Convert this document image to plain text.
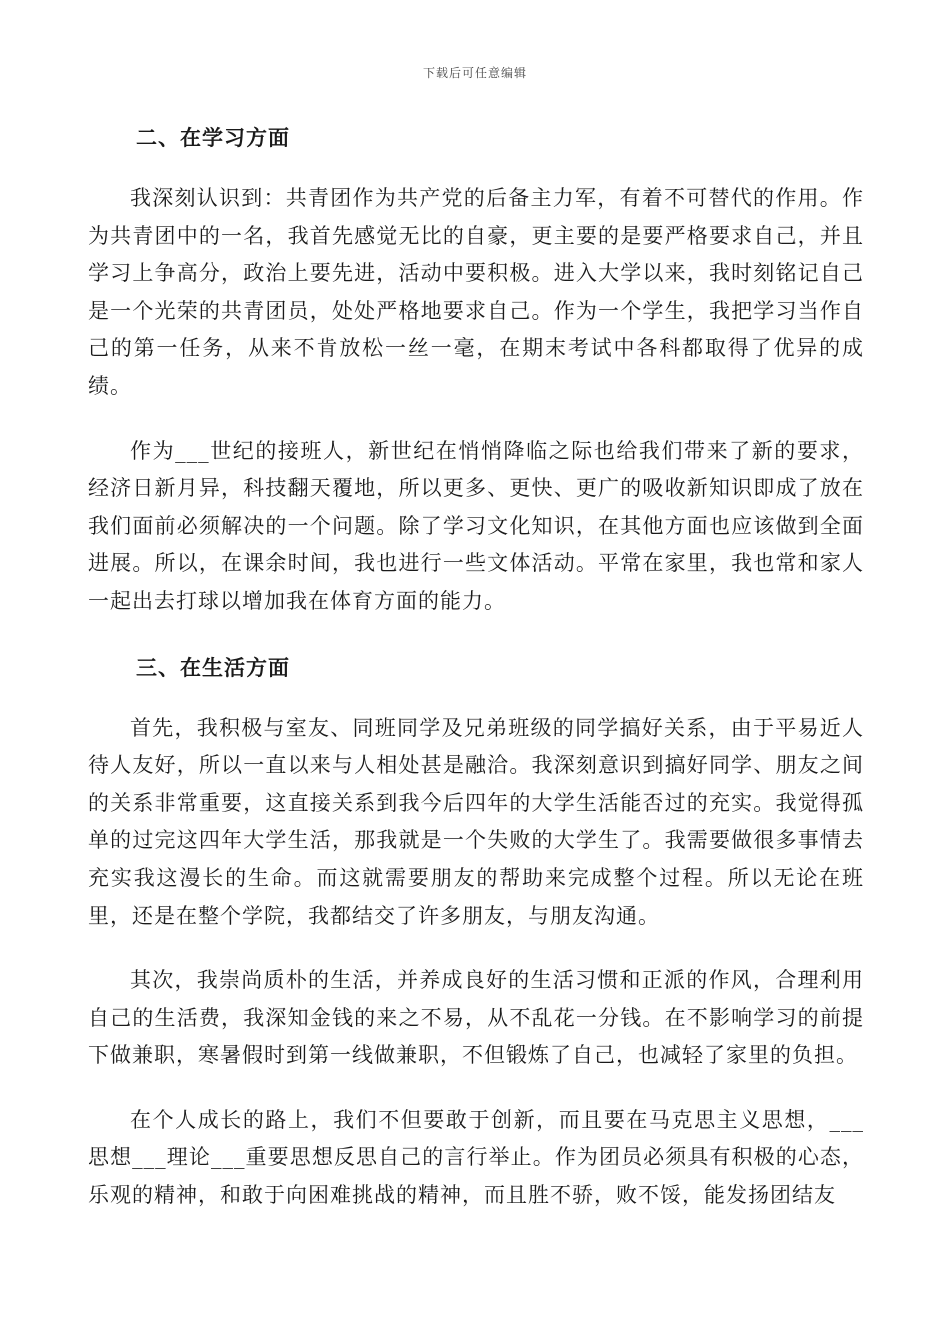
下载后可任意编辑
二、在学习方面

我深刻认识到：共青团作为共产党的后备主力军，有着不可替代的作用。作为共青团中的一名，我首先感觉无比的自豪，更主要的是要严格要求自己，并且学习上争高分，政治上要先进，活动中要积极。进入大学以来，我时刻铭记自己是一个光荣的共青团员，处处严格地要求自己。作为一个学生，我把学习当作自己的第一任务，从来不肯放松一丝一毫，在期末考试中各科都取得了优异的成绩。

作为___世纪的接班人，新世纪在悄悄降临之际也给我们带来了新的要求，经济日新月异，科技翻天覆地，所以更多、更快、更广的吸收新知识即成了放在我们面前必须解决的一个问题。除了学习文化知识，在其他方面也应该做到全面进展。所以，在课余时间，我也进行一些文体活动。平常在家里，我也常和家人一起出去打球以增加我在体育方面的能力。

三、在生活方面

首先，我积极与室友、同班同学及兄弟班级的同学搞好关系，由于平易近人待人友好，所以一直以来与人相处甚是融洽。我深刻意识到搞好同学、朋友之间的关系非常重要，这直接关系到我今后四年的大学生活能否过的充实。我觉得孤单的过完这四年大学生活，那我就是一个失败的大学生了。我需要做很多事情去充实我这漫长的生命。而这就需要朋友的帮助来完成整个过程。所以无论在班里，还是在整个学院，我都结交了许多朋友，与朋友沟通。

其次，我崇尚质朴的生活，并养成良好的生活习惯和正派的作风，合理利用自己的生活费，我深知金钱的来之不易，从不乱花一分钱。在不影响学习的前提下做兼职，寒暑假时到第一线做兼职，不但锻炼了自己，也减轻了家里的负担。

在个人成长的路上，我们不但要敢于创新，而且要在马克思主义思想，___思想___理论___重要思想反思自己的言行举止。作为团员必须具有积极的心态，乐观的精神，和敢于向困难挑战的精神，而且胜不骄，败不馁，能发扬团结友
